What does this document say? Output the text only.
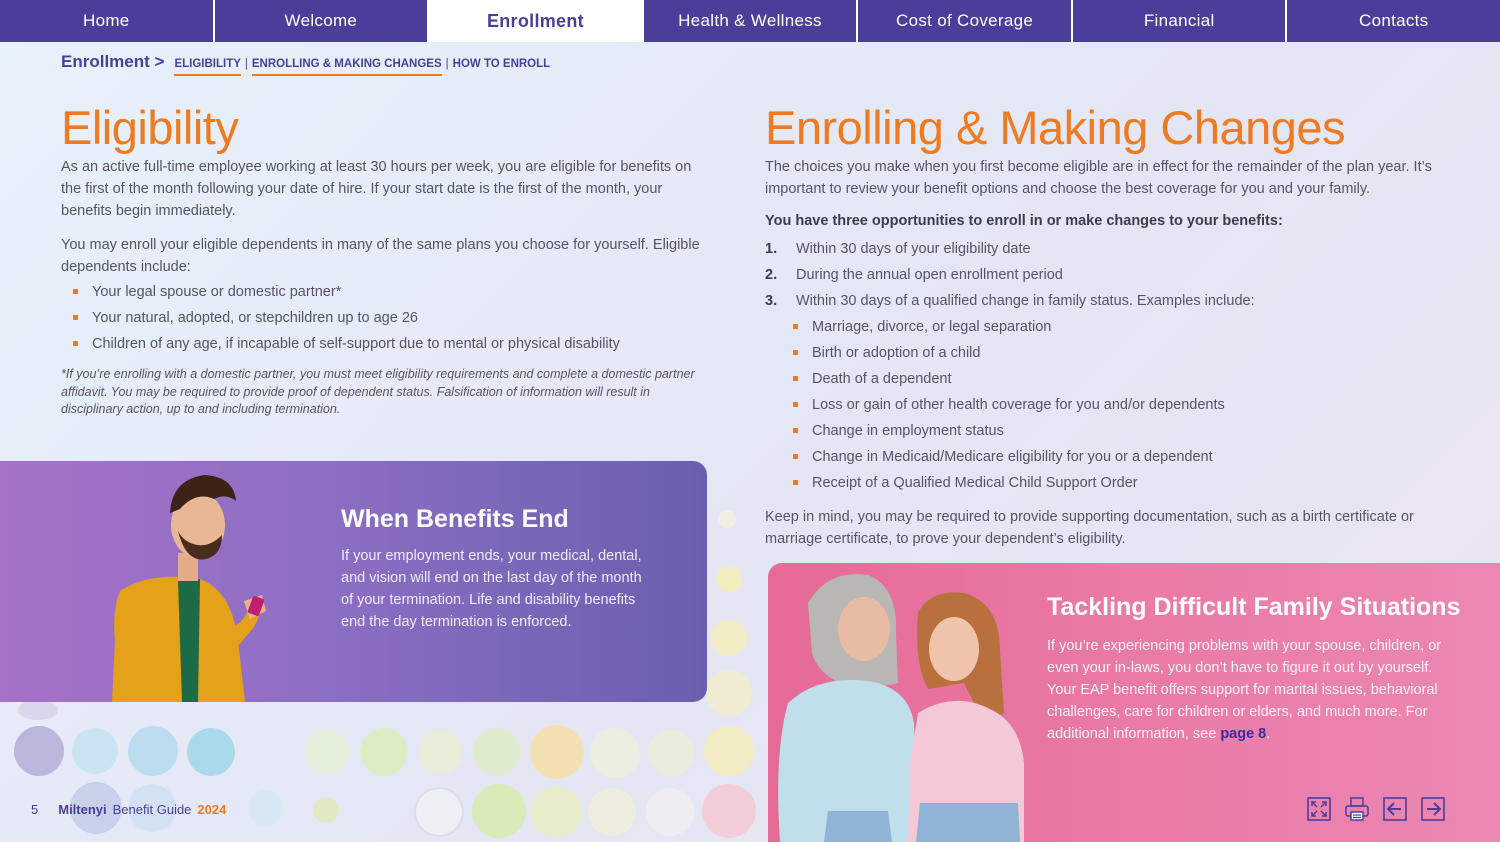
Home	Welcome	Enrollment	Health & Wellness	Cost of Coverage	Financial	Contacts
Enrollment > ELIGIBILITY | ENROLLING & MAKING CHANGES | HOW TO ENROLL
Eligibility

As an active full-time employee working at least 30 hours per week, you are eligible for benefits on the first of the month following your date of hire. If your start date is the first of the month, your benefits begin immediately.

You may enroll your eligible dependents in many of the same plans you choose for yourself. Eligible dependents include:

Your legal spouse or domestic partner*
Your natural, adopted, or stepchildren up to age 26
Children of any age, if incapable of self-support due to mental or physical disability

*If you’re enrolling with a domestic partner, you must meet eligibility requirements and complete a domestic partner affidavit. You may be required to provide proof of dependent status. Falsification of information will result in disciplinary action, up to and including termination.

Enrolling & Making Changes

The choices you make when you first become eligible are in effect for the remainder of the plan year. It’s important to review your benefit options and choose the best coverage for you and your family.

You have three opportunities to enroll in or make changes to your benefits:

1.	Within 30 days of your eligibility date
2.	During the annual open enrollment period
3.	Within 30 days of a qualified change in family status. Examples include:
Marriage, divorce, or legal separation
Birth or adoption of a child
Death of a dependent
Loss or gain of other health coverage for you and/or dependents
Change in employment status
Change in Medicaid/Medicare eligibility for you or a dependent
Receipt of a Qualified Medical Child Support Order

Keep in mind, you may be required to provide supporting documentation, such as a birth certificate or marriage certificate, to prove your dependent’s eligibility.

When Benefits End

If your employment ends, your medical, dental, and vision will end on the last day of the month of your termination. Life and disability benefits end the day termination is enforced.

Tackling Difficult Family Situations

If you’re experiencing problems with your spouse, children, or even your in-laws, you don’t have to figure it out by yourself. Your EAP benefit offers support for marital issues, behavioral challenges, care for children or elders, and much more. For additional information, see page 8.

5 Miltenyi Benefit Guide 2024
